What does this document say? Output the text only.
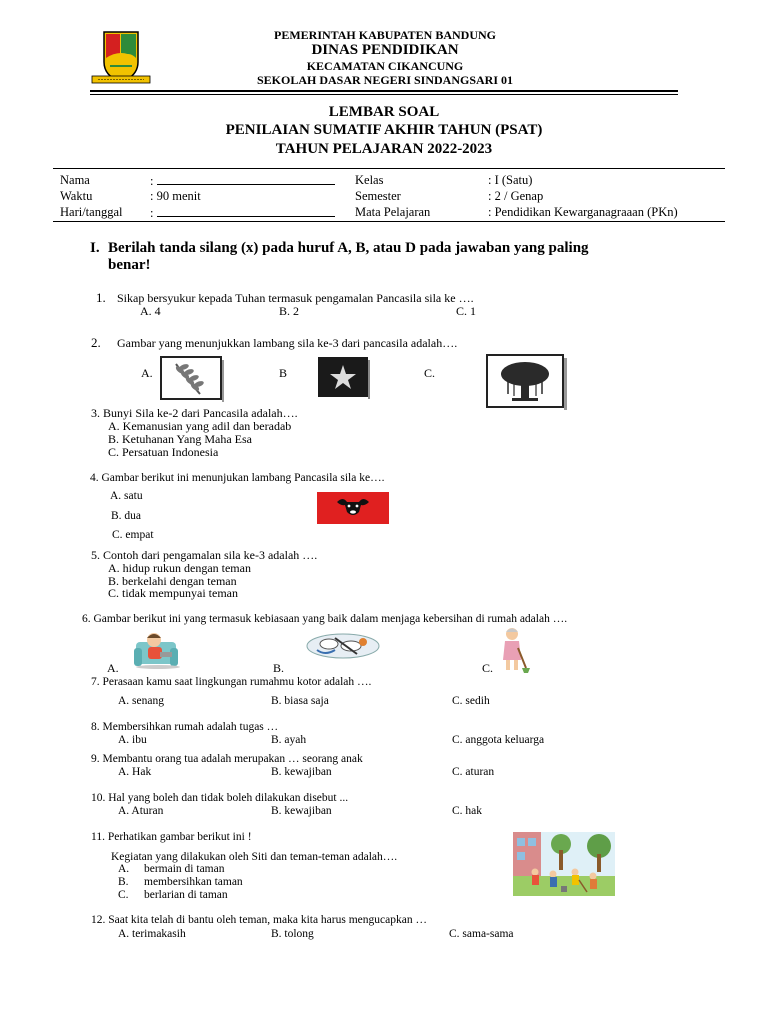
PEMERINTAH KABUPATEN BANDUNG
DINAS PENDIDIKAN
KECAMATAN CIKANCUNG
SEKOLAH DASAR NEGERI SINDANGSARI 01
LEMBAR SOAL
PENILAIAN SUMATIF AKHIR TAHUN (PSAT)
TAHUN PELAJARAN 2022-2023
Nama	:
Waktu	: 90 menit
Hari/tanggal :
Kelas	: I (Satu)
Semester	: 2 / Genap
Mata Pelajaran	: Pendidikan Kewarganagraaan (PKn)
I. Berilah tanda silang (x) pada huruf A, B, atau D pada jawaban yang paling
benar!
1. Sikap bersyukur kepada Tuhan termasuk pengamalan Pancasila sila ke ….
A. 4	B. 2	C. 1
2. Gambar yang menunjukkan lambang sila ke-3 dari pancasila adalah….
A.	B	C.
3. Bunyi Sila ke-2 dari Pancasila adalah….
A. Kemanusian yang adil dan beradab
B. Ketuhanan Yang Maha Esa
C. Persatuan Indonesia
4. Gambar berikut ini menunjukan lambang Pancasila sila ke….
A. satu
B. dua
C. empat
5. Contoh dari pengamalan sila ke-3 adalah ….
A. hidup rukun dengan teman
B. berkelahi dengan teman
C. tidak mempunyai teman
6. Gambar berikut ini yang termasuk kebiasaan yang baik dalam menjaga kebersihan di rumah adalah ….
A.	B.	C.
7. Perasaan kamu saat lingkungan rumahmu kotor adalah ….
A. senang	B. biasa saja	C. sedih
8. Membersihkan rumah adalah tugas …
A. ibu	B. ayah	C. anggota keluarga
9. Membantu orang tua adalah merupakan … seorang anak
A. Hak	B. kewajiban	C. aturan
10. Hal yang boleh dan tidak boleh dilakukan disebut ...
A. Aturan	B. kewajiban	C. hak
11. Perhatikan gambar berikut ini !
Kegiatan yang dilakukan oleh Siti dan teman-teman adalah….
A. bermain di taman
B. membersihkan taman
C. berlarian di taman
12. Saat kita telah di bantu oleh teman, maka kita harus mengucapkan …
A. terimakasih	B. tolong	C. sama-sama
